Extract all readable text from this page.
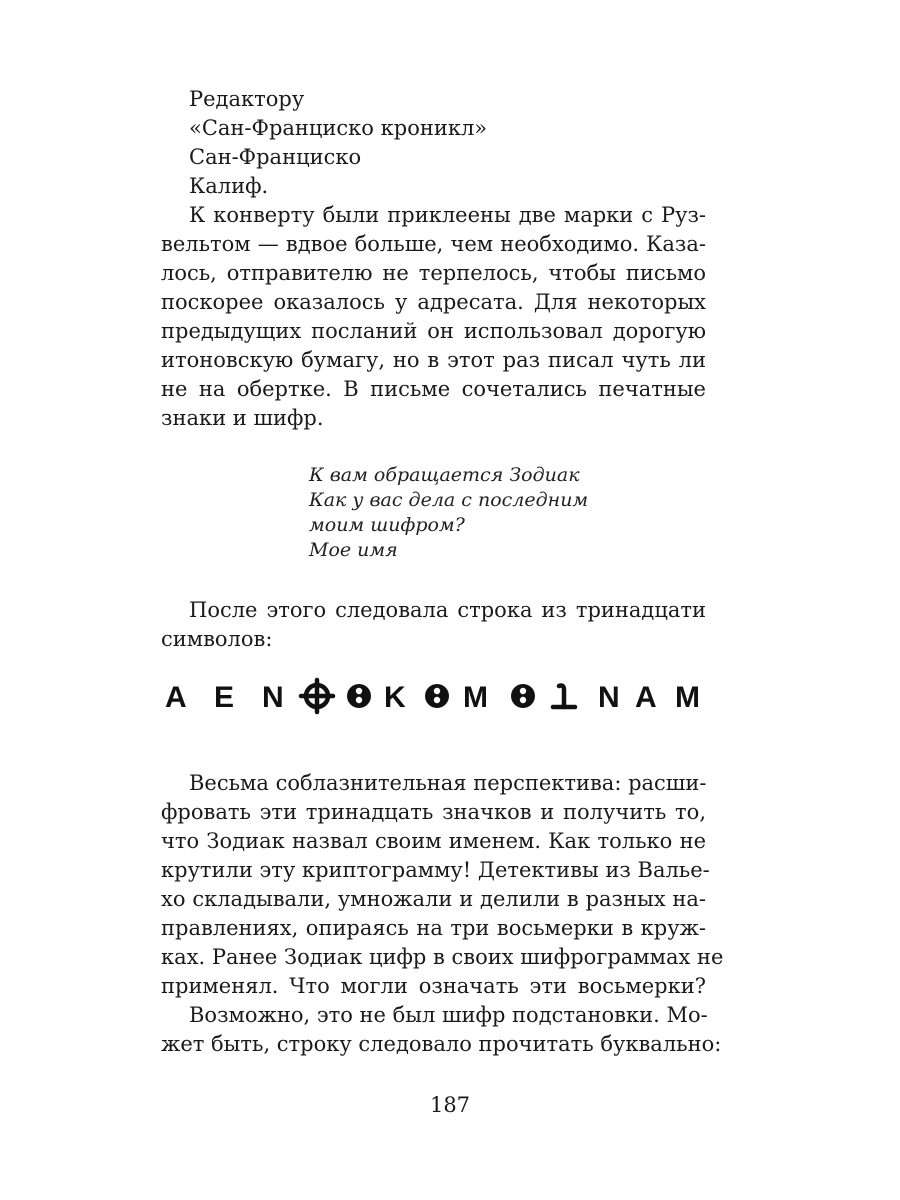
Редактору

«Сан-Франциско кроникл»

Сан-Франциско

Калиф.

К конверту были приклеены две марки с Руз-

вельтом — вдвое больше, чем необходимо. Каза-

лось, отправителю не терпелось, чтобы письмо

поскорее оказалось у адресата. Для некоторых

предыдущих посланий он использовал дорогую

итоновскую бумагу, но в этот раз писал чуть ли

не на обертке. В письме сочетались печатные

знаки и шифр.

К вам обращается Зодиак

Как у вас дела с последним

моим шифром?

Мое имя

После этого следовала строка из тринадцати

символов:

A E N	K M	N A M

Весьма соблазнительная перспектива: расши-

фровать эти тринадцать значков и получить то,

что Зодиак назвал своим именем. Как только не

крутили эту криптограмму! Детективы из Валье-

хо складывали, умножали и делили в разных на-

правлениях, опираясь на три восьмерки в круж-

ках. Ранее Зодиак цифр в своих шифрограммах не

применял. Что могли означать эти восьмерки?

Возможно, это не был шифр подстановки. Мо-

жет быть, строку следовало прочитать буквально:

187
